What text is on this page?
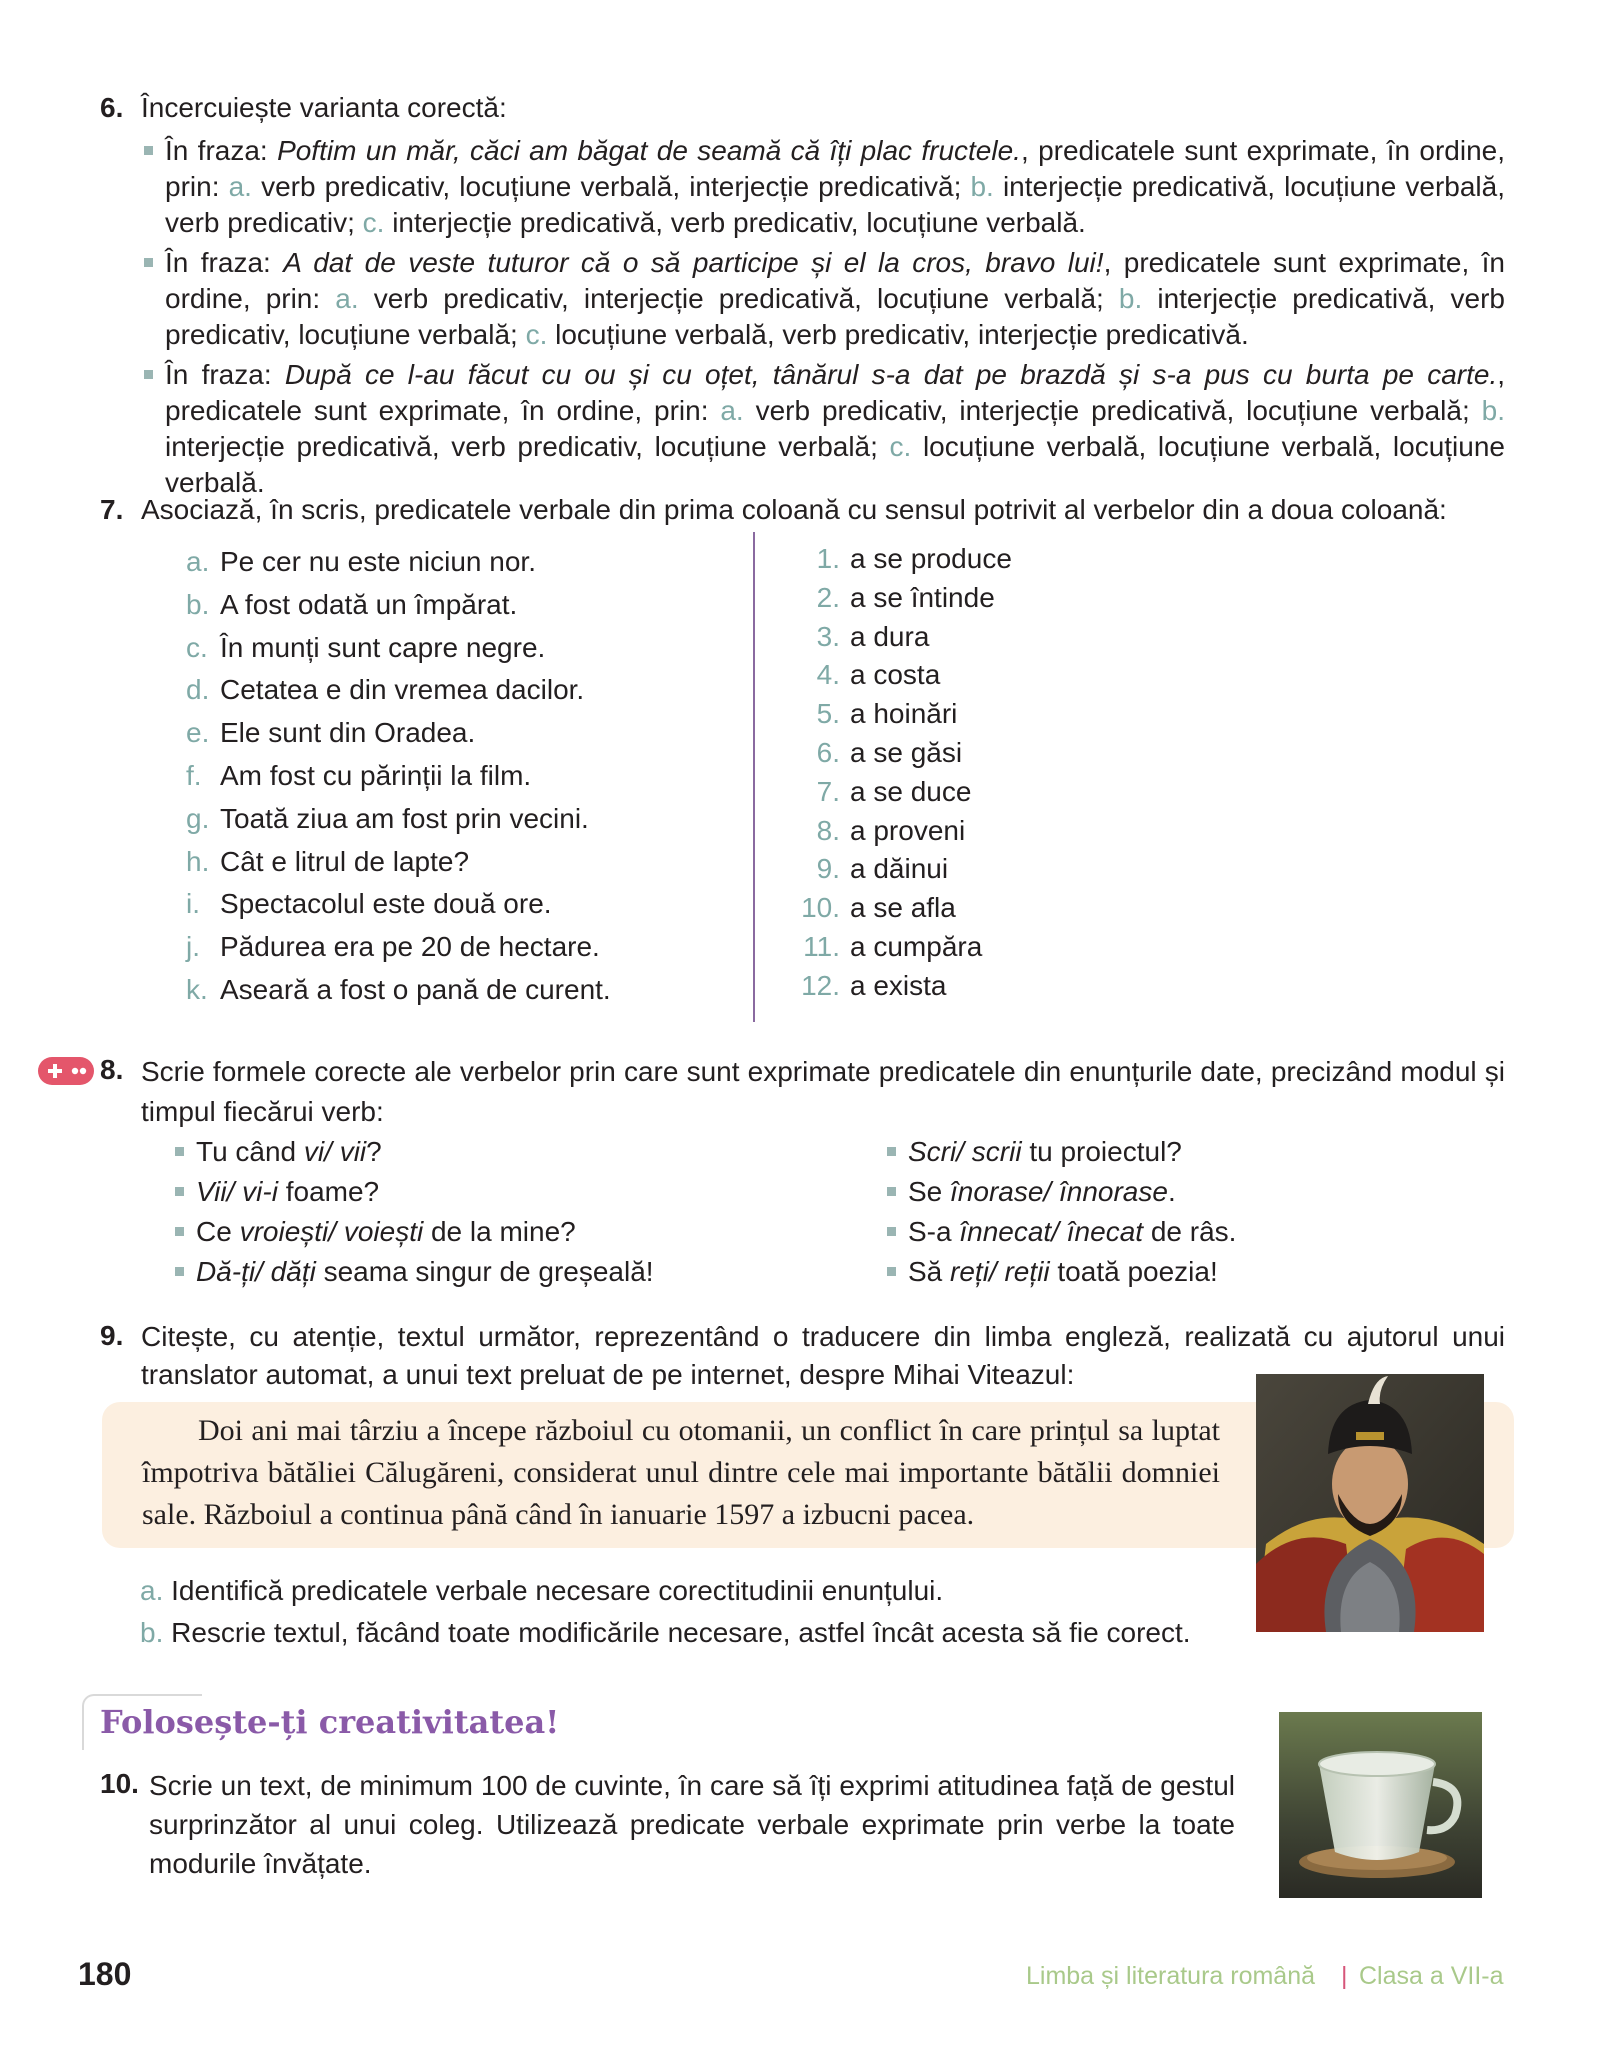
6. Încercuiește varianta corectă:

În fraza: Poftim un măr, căci am băgat de seamă că îți plac fructele., predicatele sunt exprimate, în ordine, prin: a. verb predicativ, locuțiune verbală, interjecție predicativă; b. interjecție predicativă, locuțiune verbală, verb predicativ; c. interjecție predicativă, verb predicativ, locuțiune verbală.

În fraza: A dat de veste tuturor că o să participe și el la cros, bravo lui!, predicatele sunt exprimate, în ordine, prin: a. verb predicativ, interjecție predicativă, locuțiune verbală; b. interjecție predicativă, verb predicativ, locuțiune verbală; c. locuțiune verbală, verb predicativ, interjecție predicativă.

În fraza: După ce l-au făcut cu ou și cu oțet, tânărul s-a dat pe brazdă și s-a pus cu burta pe carte., predicatele sunt exprimate, în ordine, prin: a. verb predicativ, interjecție predicativă, locuțiune verbală; b. interjecție predicativă, verb predicativ, locuțiune verbală; c. locuțiune verbală, locuțiune verbală, locuțiune verbală.

7. Asociază, în scris, predicatele verbale din prima coloană cu sensul potrivit al verbelor din a doua coloană:
a. Pe cer nu este niciun nor.
b. A fost odată un împărat.
c. În munți sunt capre negre.
d. Cetatea e din vremea dacilor.
e. Ele sunt din Oradea.
f. Am fost cu părinții la film.
g. Toată ziua am fost prin vecini.
h. Cât e litrul de lapte?
i. Spectacolul este două ore.
j. Pădurea era pe 20 de hectare.
k. Aseară a fost o pană de curent.
1. a se produce
2. a se întinde
3. a dura
4. a costa
5. a hoinări
6. a se găsi
7. a se duce
8. a proveni
9. a dăinui
10. a se afla
11. a cumpăra
12. a exista
8. Scrie formele corecte ale verbelor prin care sunt exprimate predicatele din enunțurile date, precizând modul și timpul fiecărui verb:

Tu când vi/ vii?
Vii/ vi-i foame?
Ce vroiești/ voiești de la mine?
Dă-ți/ dăți seama singur de greșeală!
Scri/ scrii tu proiectul?
Se înorase/ înnorase.
S-a înnecat/ înecat de râs.
Să reți/ reții toată poezia!
9. Citește, cu atenție, textul următor, reprezentând o traducere din limba engleză, realizată cu ajutorul unui translator automat, a unui text preluat de pe internet, despre Mihai Viteazul:

Doi ani mai târziu a începe războiul cu otomanii, un conflict în care prințul sa luptat împotriva bătăliei Călugăreni, considerat unul dintre cele mai importante bătălii domniei sale. Războiul a continua până când în ianuarie 1597 a izbucni pacea.

a. Identifică predicatele verbale necesare corectitudinii enunțului.

b. Rescrie textul, făcând toate modificările necesare, astfel încât acesta să fie corect.

Folosește-ți creativitatea!
10. Scrie un text, de minimum 100 de cuvinte, în care să îți exprimi atitudinea față de gestul surprinzător al unui coleg. Utilizează predicate verbale exprimate prin verbe la toate modurile învățate.

180	Limba și literatura română | Clasa a VII-a
